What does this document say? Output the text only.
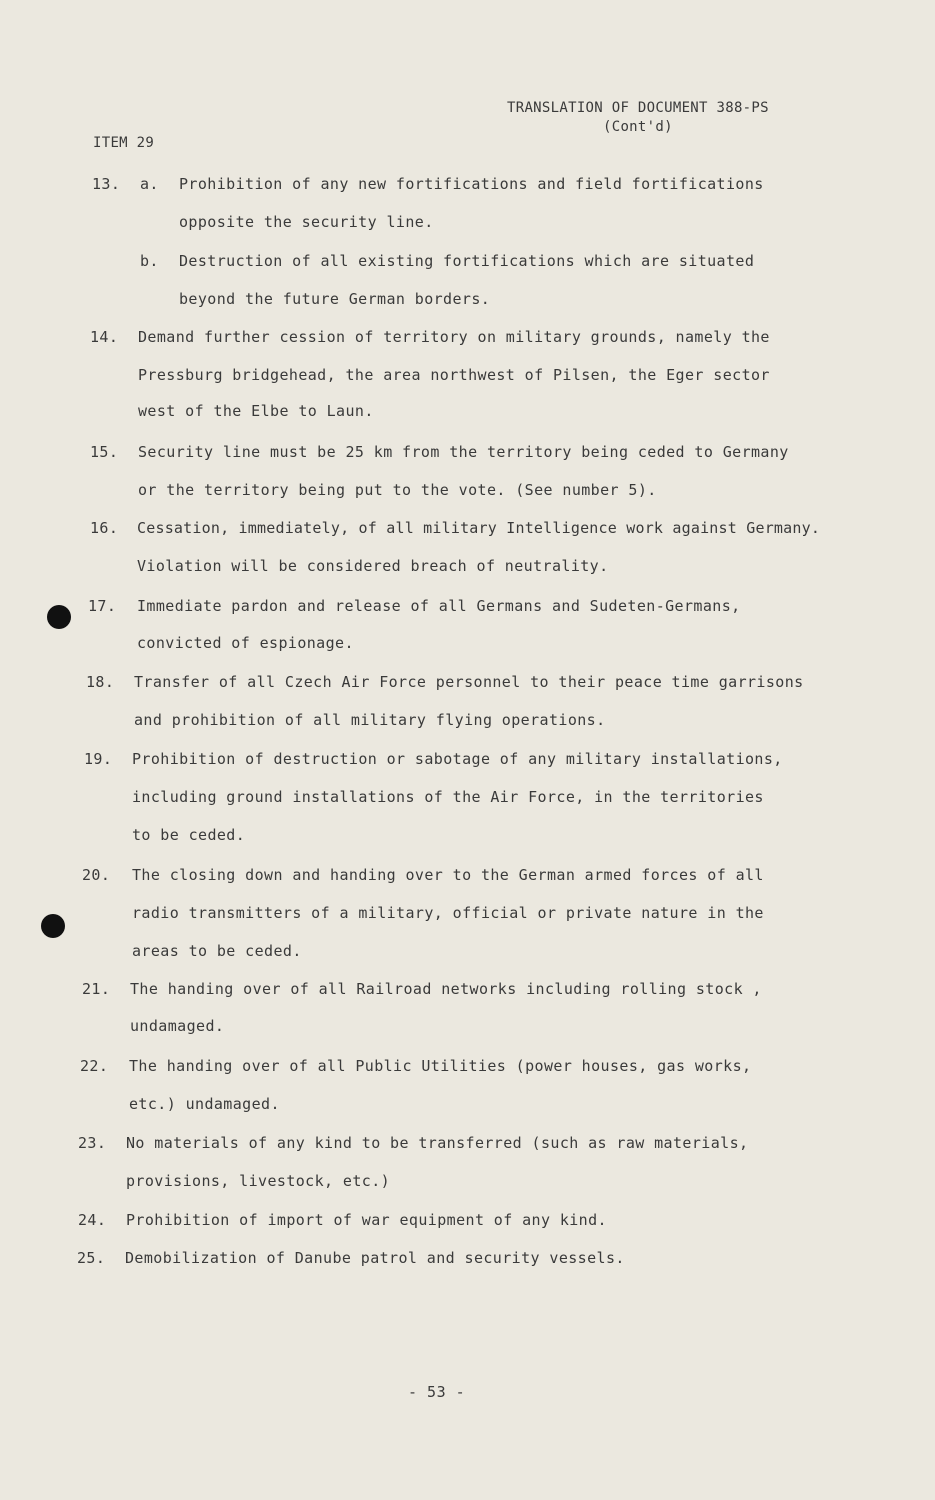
TRANSLATION OF DOCUMENT 388-PS
(Cont'd)
ITEM 29
13. a. Prohibition of any new fortifications and field fortifications
opposite the security line.
b. Destruction of all existing fortifications which are situated
beyond the future German borders.
14. Demand further cession of territory on military grounds, namely the
Pressburg bridgehead, the area northwest of Pilsen, the Eger sector
west of the Elbe to Laun.
15. Security line must be 25 km from the territory being ceded to Germany
or the territory being put to the vote. (See number 5).
16. Cessation, immediately, of all military Intelligence work against Germany.
Violation will be considered breach of neutrality.
17. Immediate pardon and release of all Germans and Sudeten-Germans,
convicted of espionage.
18. Transfer of all Czech Air Force personnel to their peace time garrisons
and prohibition of all military flying operations.
19. Prohibition of destruction or sabotage of any military installations,
including ground installations of the Air Force, in the territories
to be ceded.
20. The closing down and handing over to the German armed forces of all
radio transmitters of a military, official or private nature in the
areas to be ceded.
21. The handing over of all Railroad networks including rolling stock ,
undamaged.
22. The handing over of all Public Utilities (power houses, gas works,
etc.) undamaged.
23. No materials of any kind to be transferred (such as raw materials,
provisions, livestock, etc.)
24. Prohibition of import of war equipment of any kind.
25. Demobilization of Danube patrol and security vessels.
- 53 -
